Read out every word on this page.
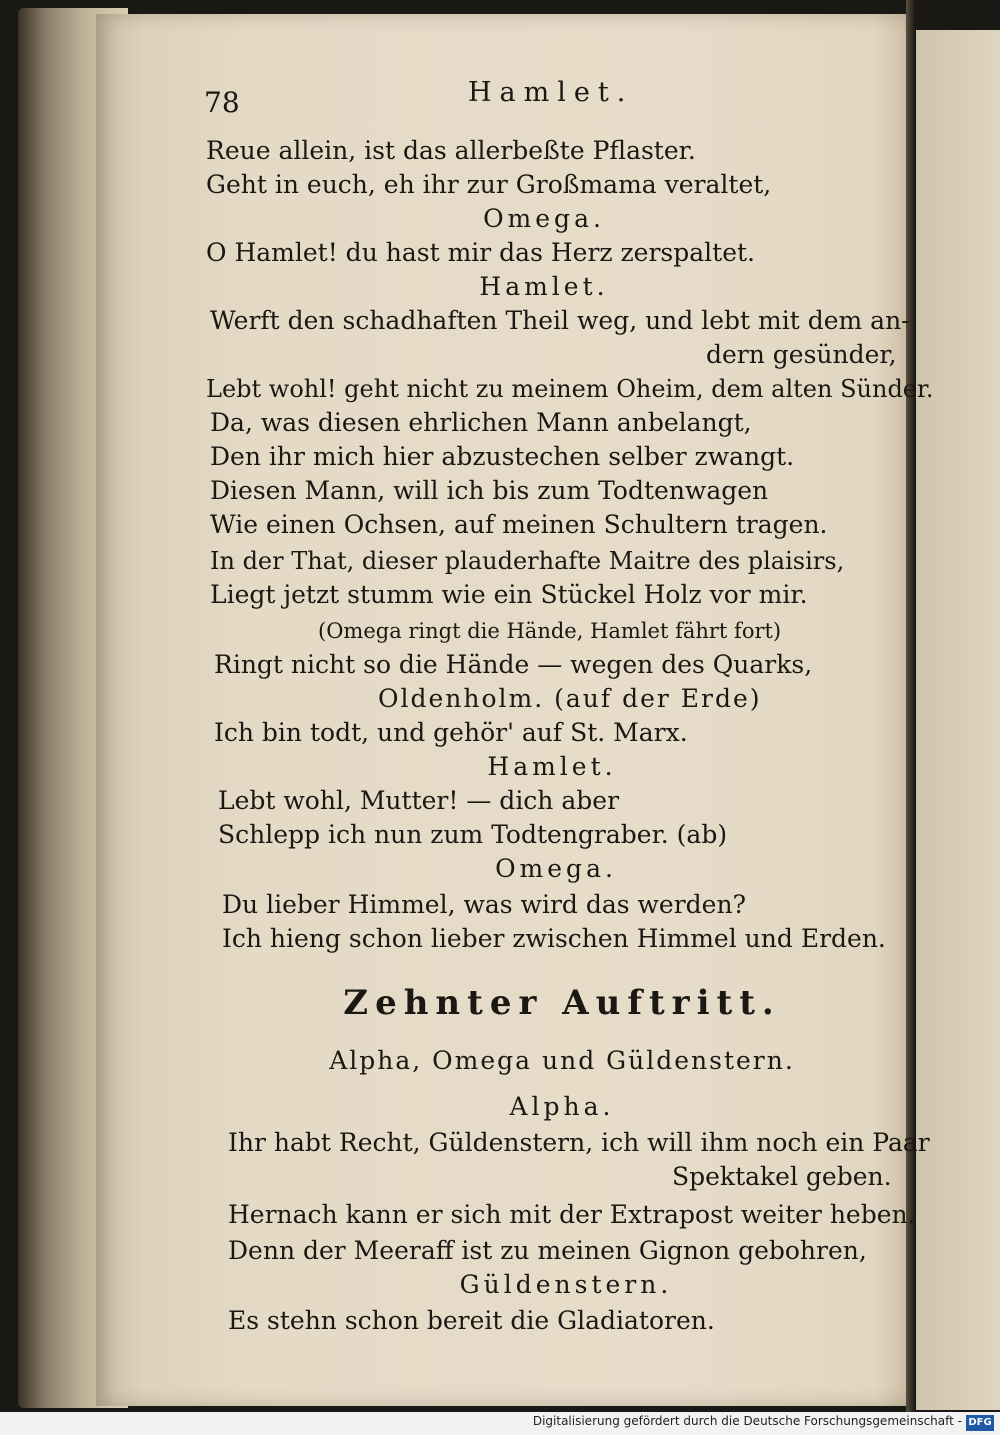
78	Hamlet.
Reue allein, ist das allerbeßte Pflaster.
Geht in euch, eh ihr zur Großmama veraltet,
Omega.
O Hamlet! du hast mir das Herz zerspaltet.
Hamlet.
Werft den schadhaften Theil weg, und lebt mit dem an-
dern gesünder,
Lebt wohl! geht nicht zu meinem Oheim, dem alten Sünder.
Da, was diesen ehrlichen Mann anbelangt,
Den ihr mich hier abzustechen selber zwangt.
Diesen Mann, will ich bis zum Todtenwagen
Wie einen Ochsen, auf meinen Schultern tragen.
In der That, dieser plauderhafte Maitre des plaisirs,
Liegt jetzt stumm wie ein Stückel Holz vor mir.
(Omega ringt die Hände, Hamlet fährt fort)
Ringt nicht so die Hände — wegen des Quarks,
Oldenholm. (auf der Erde)
Ich bin todt, und gehör' auf St. Marx.
Hamlet.
Lebt wohl, Mutter! — dich aber
Schlepp ich nun zum Todtengraber. (ab)
Omega.
Du lieber Himmel, was wird das werden?
Ich hieng schon lieber zwischen Himmel und Erden.
Zehnter Auftritt.
Alpha, Omega und Güldenstern.
Alpha.
Ihr habt Recht, Güldenstern, ich will ihm noch ein Paar
Spektakel geben.
Hernach kann er sich mit der Extrapost weiter heben.
Denn der Meeraff ist zu meinen Gignon gebohren,
Güldenstern.
Es stehn schon bereit die Gladiatoren.
Digitalisierung gefördert durch die Deutsche Forschungsgemeinschaft - DFG
